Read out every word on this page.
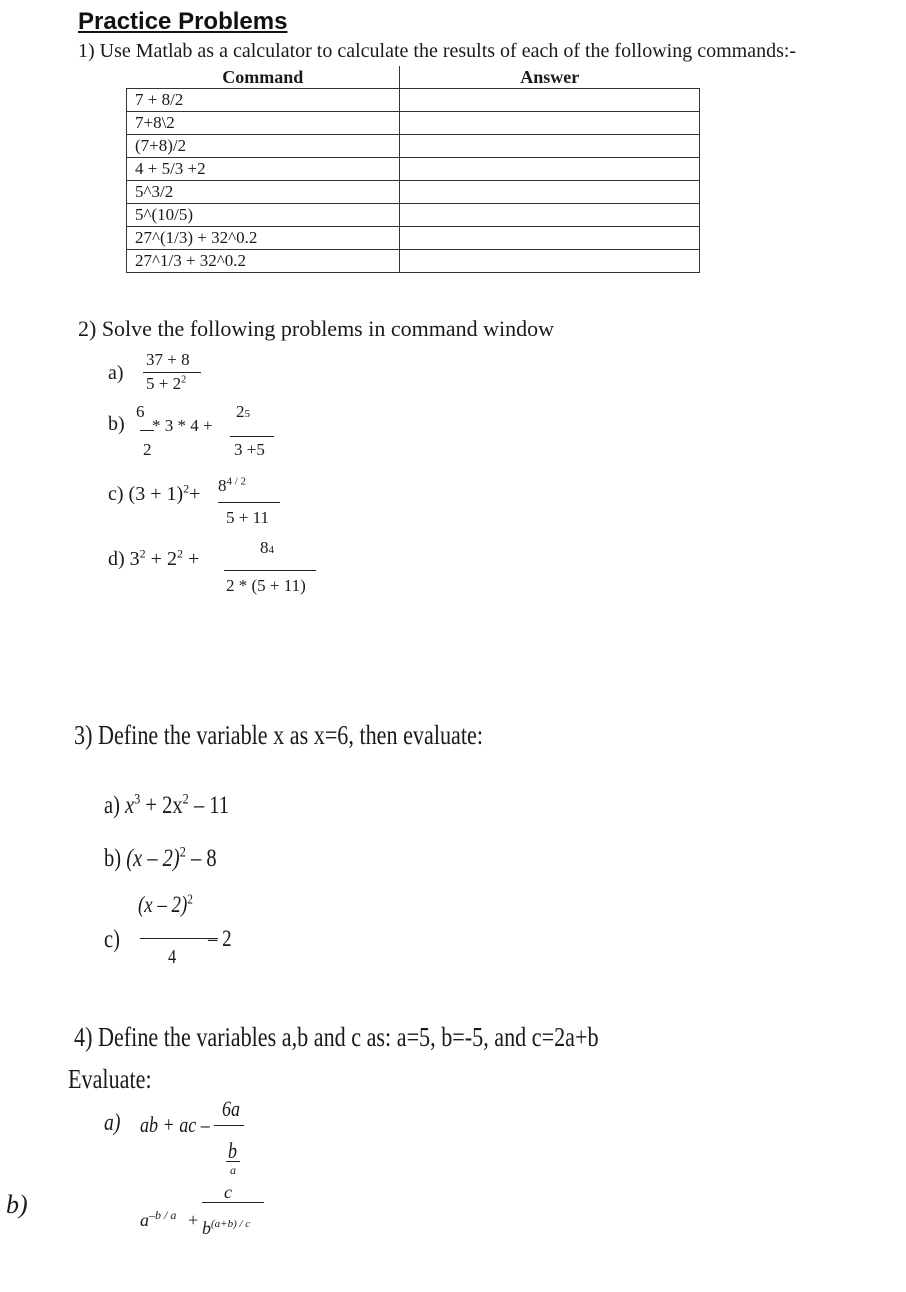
Practice Problems
1) Use Matlab as a calculator to calculate the results of each of the following commands:-
Command	Answer
7 + 8/2	
7+8\2	
(7+8)/2	
4 + 5/3 +2	
5^3/2	
5^(10/5)	
27^(1/3) + 32^0.2	
27^1/3 + 32^0.2	
2) Solve the following problems in command window
a)
37 + 8
$5 + 2^2$
b)
6
2
* 3 * 4 +
25
3 +5
c) $(3 + 1)^2+ 8^{4 / 2}$
5 + 11
d) $3^2 + 2^2$ +
84
2 * (5 + 11)
3) Define the variable x as x=6, then evaluate:
a) $x^3 + 2x^2 - 11$
b) (x – 2)$^2$ – 8
c)
(x – 2)$^2$
4
– 2
4) Define the variables a,b and c as: a=5, b=-5, and c=2a+b
Evaluate:
a) ab + ac –
6a
b
a
b)
$a^{-b / a}$ +
c
$b^{(a+b) / c}$
